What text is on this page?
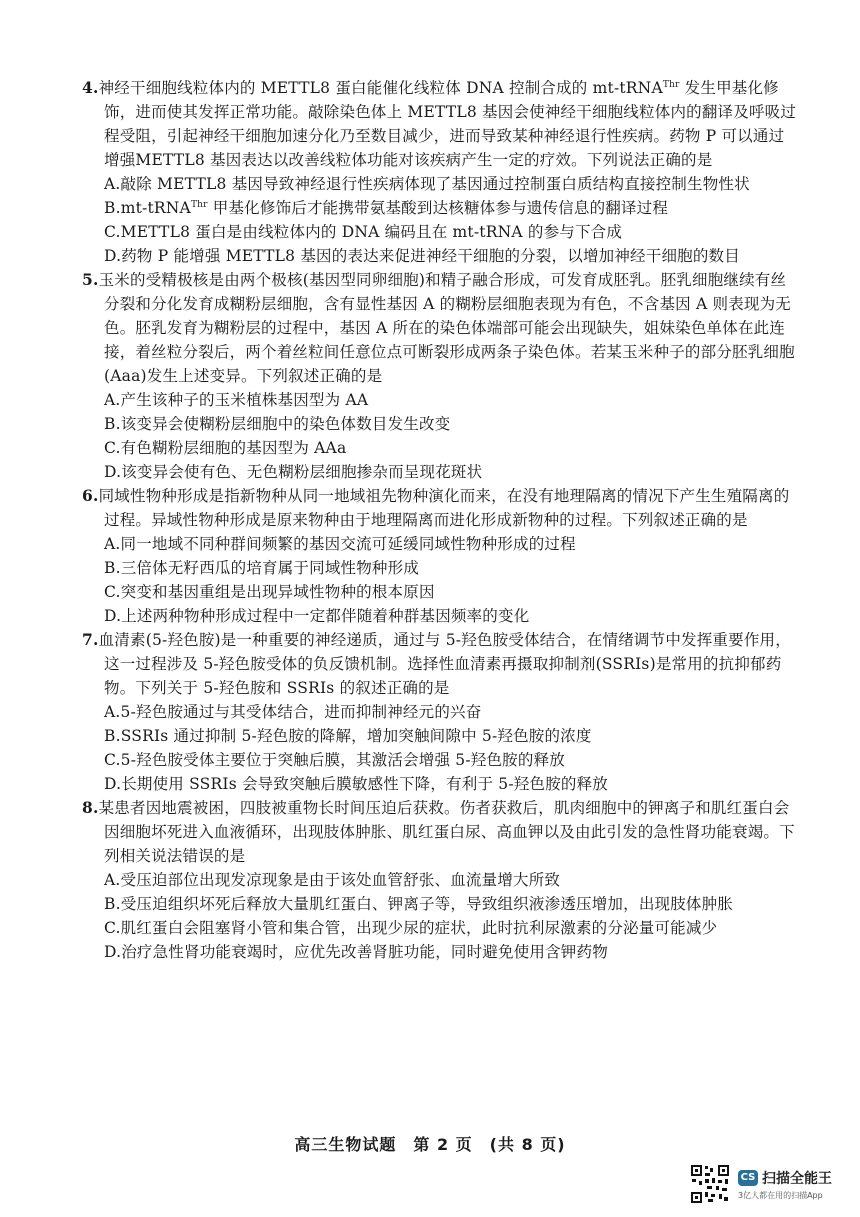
4.神经干细胞线粒体内的 METTL8 蛋白能催化线粒体 DNA 控制合成的 mt-tRNA$^{Thr}$ 发生甲基化修饰，进而使其发挥正常功能。敲除染色体上 METTL8 基因会使神经干细胞线粒体内的翻译及呼吸过程受阻，引起神经干细胞加速分化乃至数目减少，进而导致某种神经退行性疾病。药物 P 可以通过增强METTL8 基因表达以改善线粒体功能对该疾病产生一定的疗效。下列说法正确的是

A.敲除 METTL8 基因导致神经退行性疾病体现了基因通过控制蛋白质结构直接控制生物性状
B.mt-tRNA$^{Thr}$ 甲基化修饰后才能携带氨基酸到达核糖体参与遗传信息的翻译过程
C.METTL8 蛋白是由线粒体内的 DNA 编码且在 mt-tRNA 的参与下合成
D.药物 P 能增强 METTL8 基因的表达来促进神经干细胞的分裂，以增加神经干细胞的数目

5.玉米的受精极核是由两个极核(基因型同卵细胞)和精子融合形成，可发育成胚乳。胚乳细胞继续有丝分裂和分化发育成糊粉层细胞，含有显性基因 A 的糊粉层细胞表现为有色，不含基因 A 则表现为无色。胚乳发育为糊粉层的过程中，基因 A 所在的染色体端部可能会出现缺失，姐妹染色单体在此连接，着丝粒分裂后，两个着丝粒间任意位点可断裂形成两条子染色体。若某玉米种子的部分胚乳细胞(Aaa)发生上述变异。下列叙述正确的是

A.产生该种子的玉米植株基因型为 AA
B.该变异会使糊粉层细胞中的染色体数目发生改变
C.有色糊粉层细胞的基因型为 AAa
D.该变异会使有色、无色糊粉层细胞掺杂而呈现花斑状

6.同域性物种形成是指新物种从同一地域祖先物种演化而来，在没有地理隔离的情况下产生生殖隔离的过程。异域性物种形成是原来物种由于地理隔离而进化形成新物种的过程。下列叙述正确的是

A.同一地域不同种群间频繁的基因交流可延缓同域性物种形成的过程
B.三倍体无籽西瓜的培育属于同域性物种形成
C.突变和基因重组是出现异域性物种的根本原因
D.上述两种物种形成过程中一定都伴随着种群基因频率的变化

7.血清素(5-羟色胺)是一种重要的神经递质，通过与 5-羟色胺受体结合，在情绪调节中发挥重要作用，这一过程涉及 5-羟色胺受体的负反馈机制。选择性血清素再摄取抑制剂(SSRIs)是常用的抗抑郁药物。下列关于 5-羟色胺和 SSRIs 的叙述正确的是

A.5-羟色胺通过与其受体结合，进而抑制神经元的兴奋
B.SSRIs 通过抑制 5-羟色胺的降解，增加突触间隙中 5-羟色胺的浓度
C.5-羟色胺受体主要位于突触后膜，其激活会增强 5-羟色胺的释放
D.长期使用 SSRIs 会导致突触后膜敏感性下降，有利于 5-羟色胺的释放

8.某患者因地震被困，四肢被重物长时间压迫后获救。伤者获救后，肌肉细胞中的钾离子和肌红蛋白会因细胞坏死进入血液循环，出现肢体肿胀、肌红蛋白尿、高血钾以及由此引发的急性肾功能衰竭。下列相关说法错误的是

A.受压迫部位出现发凉现象是由于该处血管舒张、血流量增大所致
B.受压迫组织坏死后释放大量肌红蛋白、钾离子等，导致组织液渗透压增加，出现肢体肿胀
C.肌红蛋白会阻塞肾小管和集合管，出现少尿的症状，此时抗利尿激素的分泌量可能减少
D.治疗急性肾功能衰竭时，应优先改善肾脏功能，同时避免使用含钾药物
高三生物试题　第 2 页　(共 8 页)
CS 扫描全能王
3亿人都在用的扫描App
